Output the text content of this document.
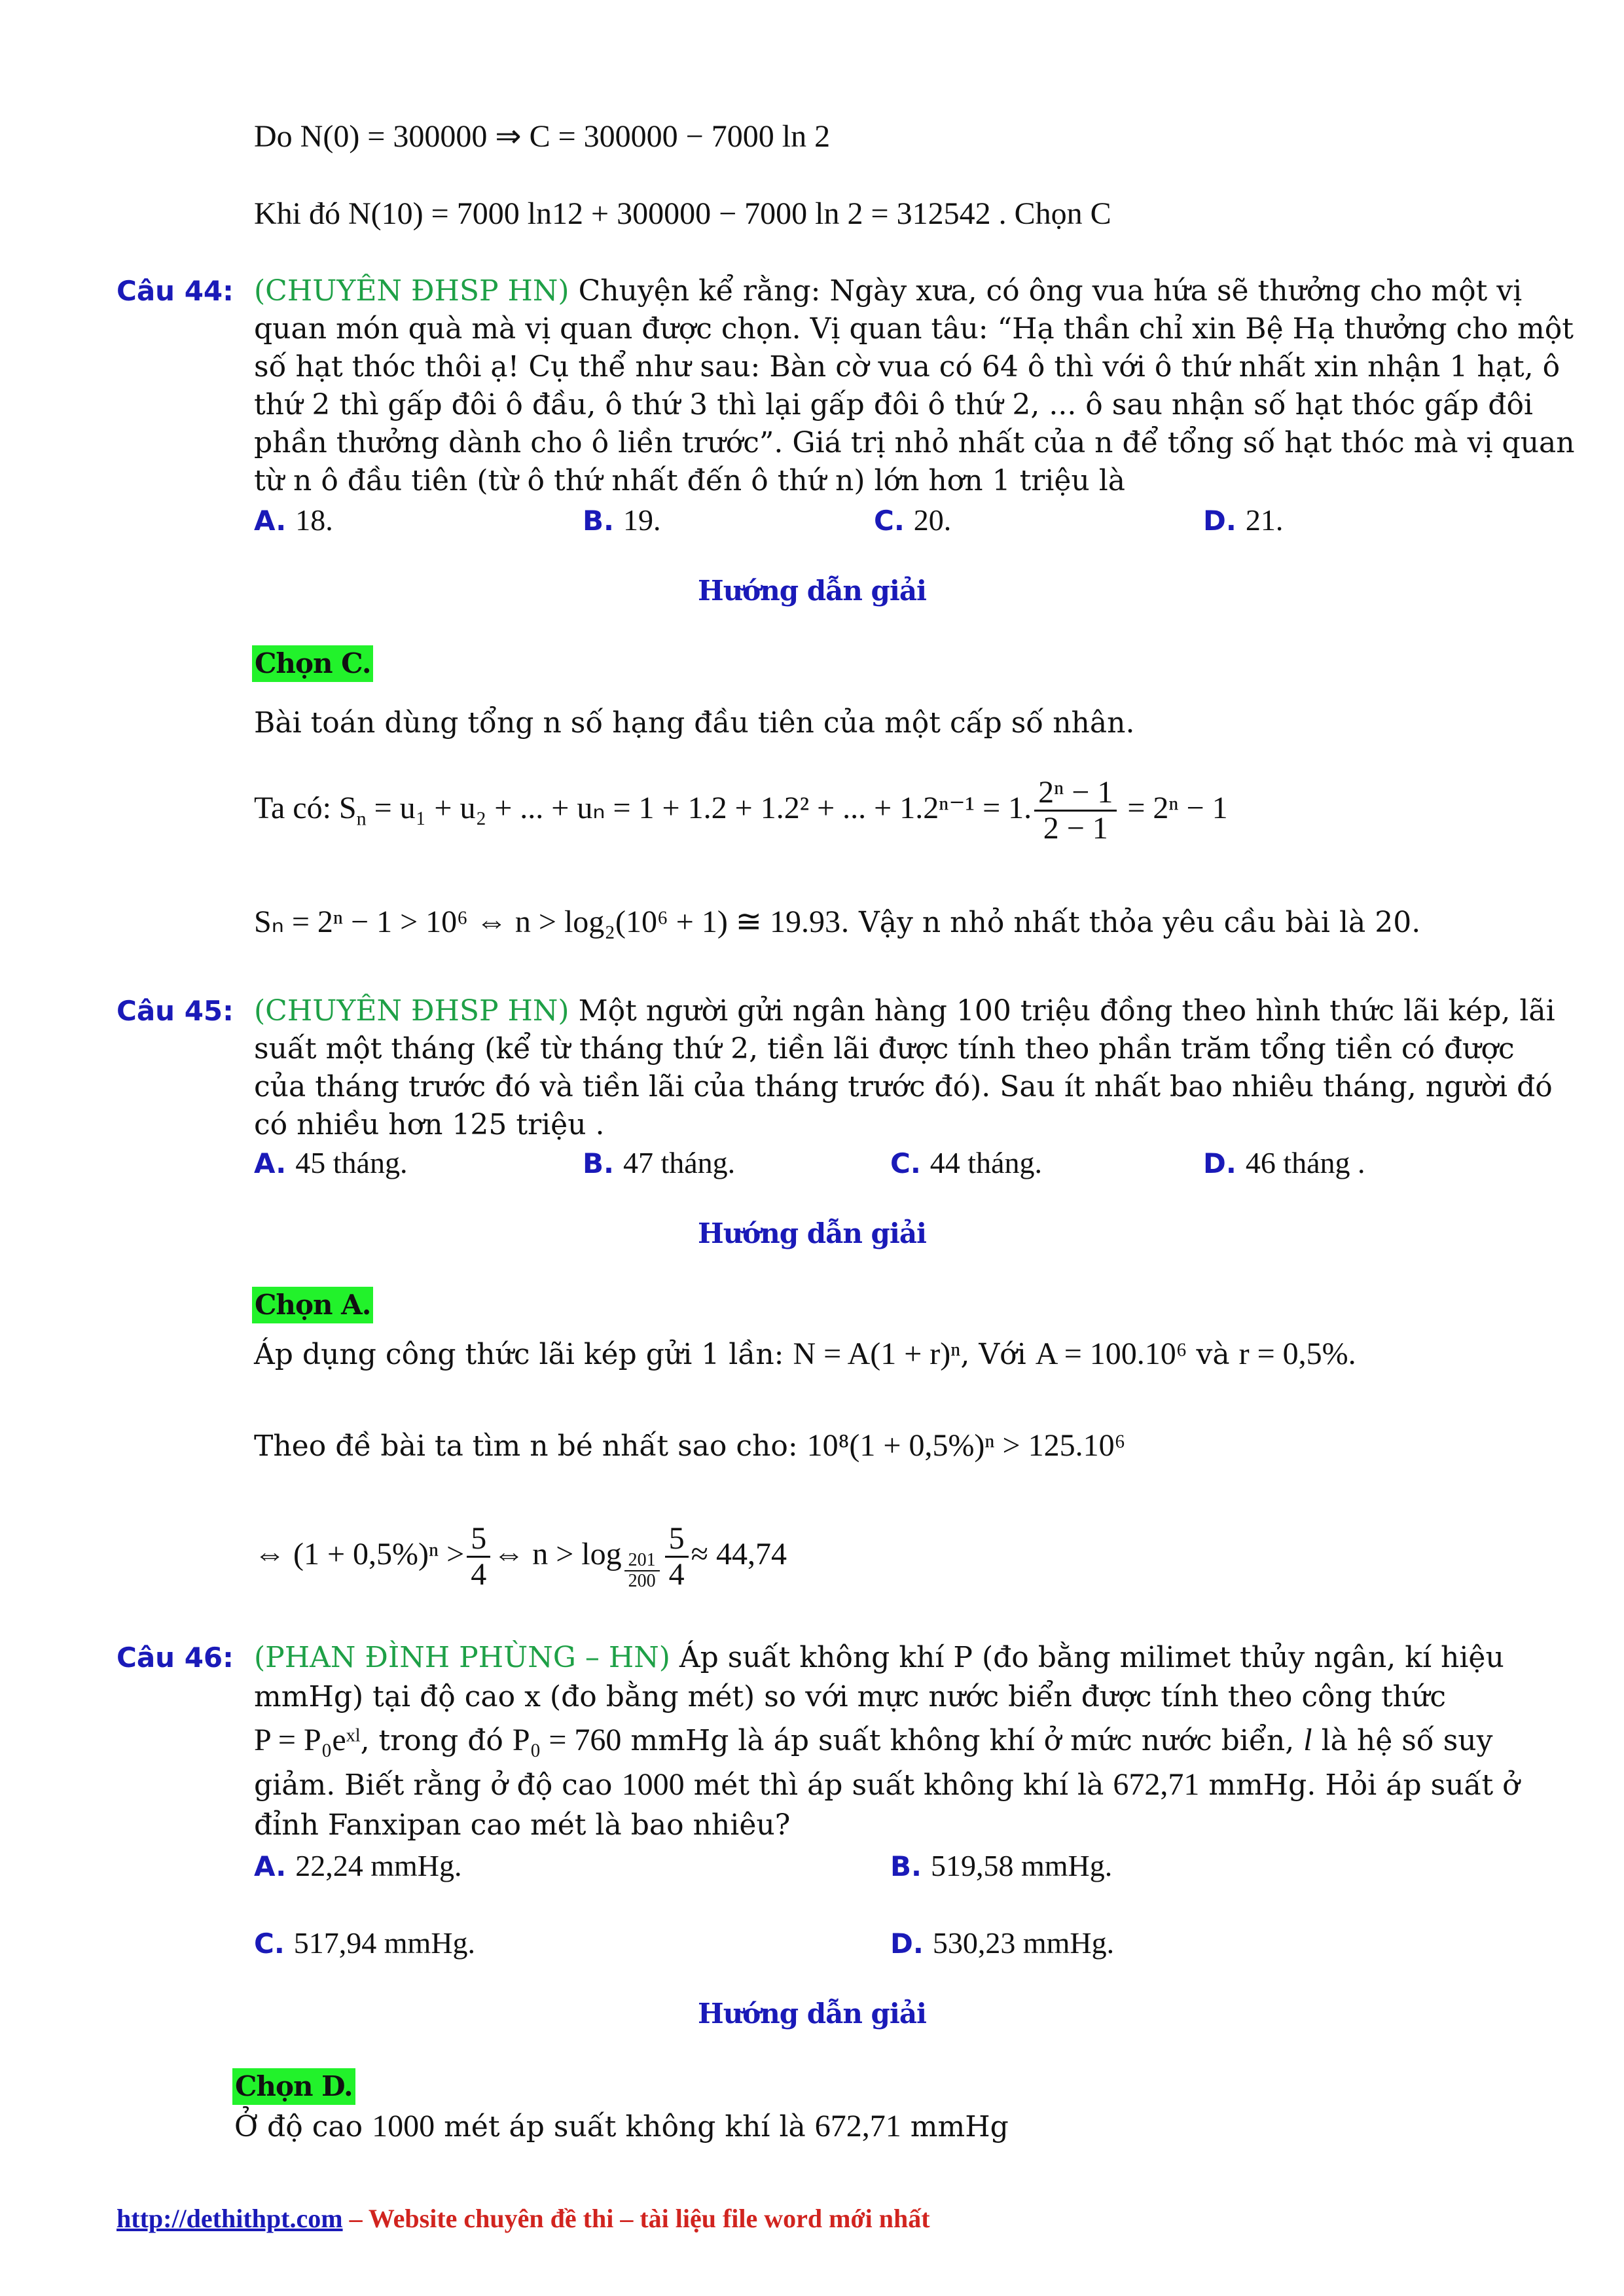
Do N(0) = 300000 ⇒ C = 300000 − 7000 ln 2
Khi đó N(10) = 7000 ln12 + 300000 − 7000 ln 2 = 312542 . Chọn C
Câu 44: (CHUYÊN ĐHSP HN) Chuyện kể rằng: Ngày xưa, có ông vua hứa sẽ thưởng cho một vị
quan món quà mà vị quan được chọn. Vị quan tâu: “Hạ thần chỉ xin Bệ Hạ thưởng cho một
số hạt thóc thôi ạ! Cụ thể như sau: Bàn cờ vua có 64 ô thì với ô thứ nhất xin nhận 1 hạt, ô
thứ 2 thì gấp đôi ô đầu, ô thứ 3 thì lại gấp đôi ô thứ 2, ... ô sau nhận số hạt thóc gấp đôi
phần thưởng dành cho ô liền trước”. Giá trị nhỏ nhất của n để tổng số hạt thóc mà vị quan
từ n ô đầu tiên (từ ô thứ nhất đến ô thứ n) lớn hơn 1 triệu là
A. 18.	B. 19.	C. 20.	D. 21.
Hướng dẫn giải
Chọn C.
Bài toán dùng tổng n số hạng đầu tiên của một cấp số nhân.
Ta có: $S_n = u_1 + u_2$ + ... + uₙ = 1 + 1.2 + 1.2² + ... + 1.2ⁿ⁻¹ = 1. $\frac{\text{2ⁿ − 1}}{2 - 1} = 2^n - 1$
Sₙ = 2ⁿ − 1 > 10⁶ ⇔ n > log₂(10⁶ + 1) ≅ 19.93. Vậy n nhỏ nhất thỏa yêu cầu bài là 20.
Câu 45: (CHUYÊN ĐHSP HN) Một người gửi ngân hàng 100 triệu đồng theo hình thức lãi kép, lãi
suất một tháng (kể từ tháng thứ 2, tiền lãi được tính theo phần trăm tổng tiền có được
của tháng trước đó và tiền lãi của tháng trước đó). Sau ít nhất bao nhiêu tháng, người đó
có nhiều hơn 125 triệu .
A. 45 tháng.	B. 47 tháng.	C. 44 tháng.	D. 46 tháng .
Hướng dẫn giải
Chọn A.
Áp dụng công thức lãi kép gửi 1 lần: N = A(1 + r)ⁿ, Với A = 100.10⁶ và r = 0,5%.
Theo đề bài ta tìm n bé nhất sao cho: 10⁸(1 + 0,5%)ⁿ > 125.10⁶
⇔ $(1 + 0,5\%)^n > \frac{5}{4}$ ⇔ $n > \log \frac{201}{200} \frac{5}{4} \approx 44,74$
Câu 46: (PHAN ĐÌNH PHÙNG – HN) Áp suất không khí P (đo bằng milimet thủy ngân, kí hiệu
mmHg) tại độ cao x (đo bằng mét) so với mực nước biển được tính theo công thức
P = P₀eˣˡ, trong đó P₀ = 760 mmHg là áp suất không khí ở mức nước biển, l là hệ số suy
giảm. Biết rằng ở độ cao 1000 mét thì áp suất không khí là 672,71 mmHg. Hỏi áp suất ở
đỉnh Fanxipan cao mét là bao nhiêu?
A. 22,24 mmHg.	B. 519,58 mmHg.
C. 517,94 mmHg.	D. 530,23 mmHg.
Hướng dẫn giải
Chọn D.
Ở độ cao 1000 mét áp suất không khí là 672,71 mmHg
http://dethithpt.com – Website chuyên đề thi – tài liệu file word mới nhất
